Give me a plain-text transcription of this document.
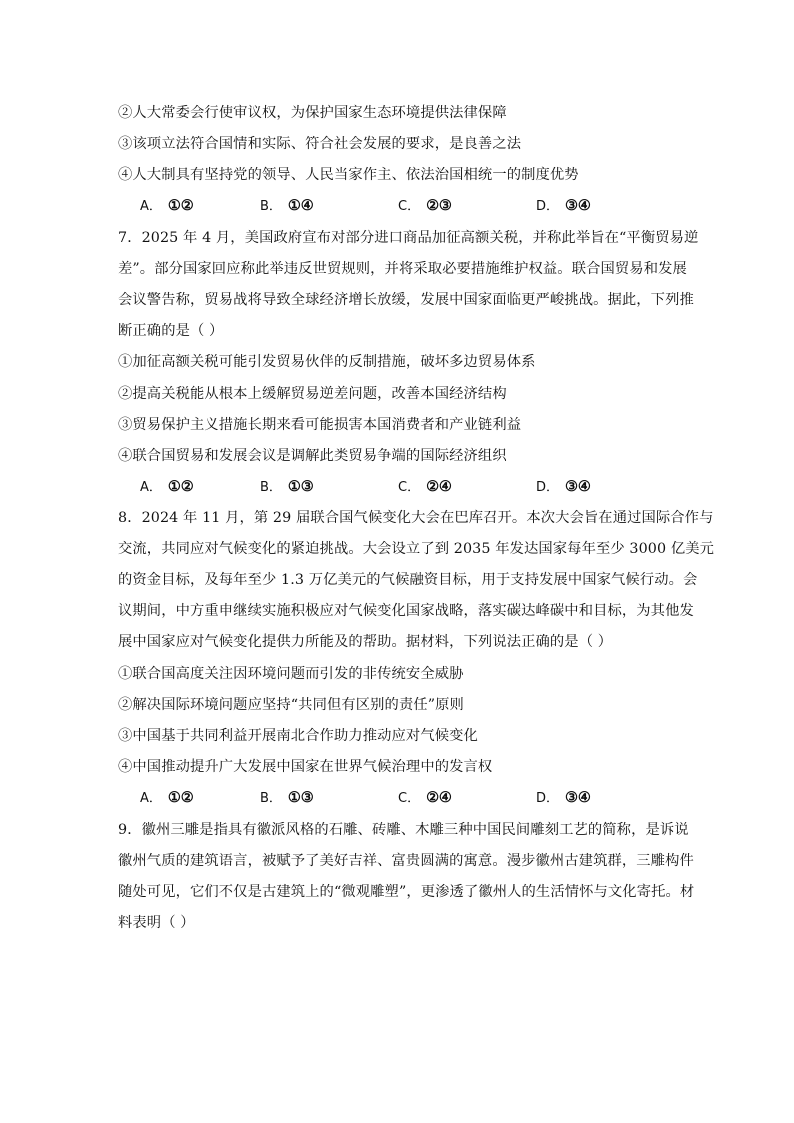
②人大常委会行使审议权，为保护国家生态环境提供法律保障
③该项立法符合国情和实际、符合社会发展的要求，是良善之法
④人大制具有坚持党的领导、人民当家作主、依法治国相统一的制度优势
A． ①②	B． ①④	C． ②③	D． ③④
7．2025 年 4 月，美国政府宣布对部分进口商品加征高额关税，并称此举旨在“平衡贸易逆
差”。部分国家回应称此举违反世贸规则，并将采取必要措施维护权益。联合国贸易和发展
会议警告称，贸易战将导致全球经济增长放缓，发展中国家面临更严峻挑战。据此，下列推
断正确的是（ ）
①加征高额关税可能引发贸易伙伴的反制措施，破坏多边贸易体系
②提高关税能从根本上缓解贸易逆差问题，改善本国经济结构
③贸易保护主义措施长期来看可能损害本国消费者和产业链利益
④联合国贸易和发展会议是调解此类贸易争端的国际经济组织
A． ①②	B． ①③	C． ②④	D． ③④
8．2024 年 11 月，第 29 届联合国气候变化大会在巴库召开。本次大会旨在通过国际合作与
交流，共同应对气候变化的紧迫挑战。大会设立了到 2035 年发达国家每年至少 3000 亿美元
的资金目标，及每年至少 1.3 万亿美元的气候融资目标，用于支持发展中国家气候行动。会
议期间，中方重申继续实施积极应对气候变化国家战略，落实碳达峰碳中和目标，为其他发
展中国家应对气候变化提供力所能及的帮助。据材料，下列说法正确的是（ ）
①联合国高度关注因环境问题而引发的非传统安全威胁
②解决国际环境问题应坚持“共同但有区别的责任”原则
③中国基于共同利益开展南北合作助力推动应对气候变化
④中国推动提升广大发展中国家在世界气候治理中的发言权
A． ①②	B． ①③	C． ②④	D． ③④
9．徽州三雕是指具有徽派风格的石雕、砖雕、木雕三种中国民间雕刻工艺的简称，是诉说
徽州气质的建筑语言，被赋予了美好吉祥、富贵圆满的寓意。漫步徽州古建筑群，三雕构件
随处可见，它们不仅是古建筑上的“微观雕塑”，更渗透了徽州人的生活情怀与文化寄托。材
料表明（ ）
